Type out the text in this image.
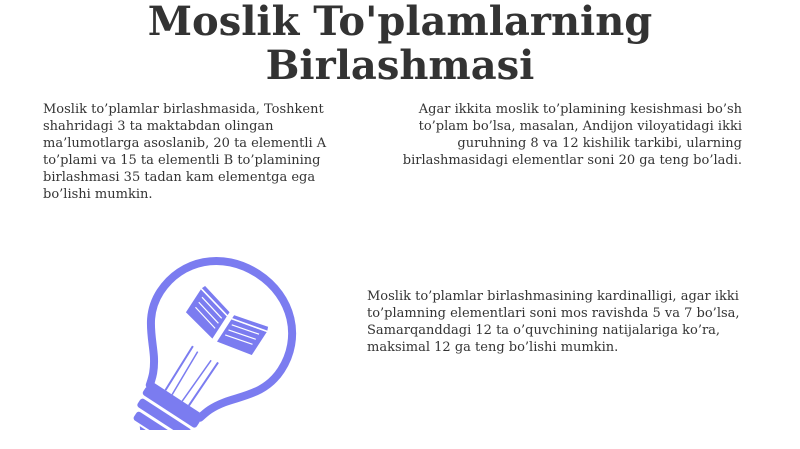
Moslik To'plamlarning
Birlashmasi
Moslik to’plamlar birlashmasida, Toshkent shahridagi 3 ta maktabdan olingan ma’lumotlarga asoslanib, 20 ta elementli A to’plami va 15 ta elementli B to’plamining birlashmasi 35 tadan kam elementga ega bo’lishi mumkin.
Agar ikkita moslik to’plamining kesishmasi bo’sh to’plam bo’lsa, masalan, Andijon viloyatidagi ikki guruhning 8 va 12 kishilik tarkibi, ularning birlashmasidagi elementlar soni 20 ga teng bo’ladi.
Moslik to’plamlar birlashmasining kardinalligi, agar ikki to’plamning elementlari soni mos ravishda 5 va 7 bo’lsa, Samarqanddagi 12 ta o’quvchining natijalariga ko’ra, maksimal 12 ga teng bo’lishi mumkin.
